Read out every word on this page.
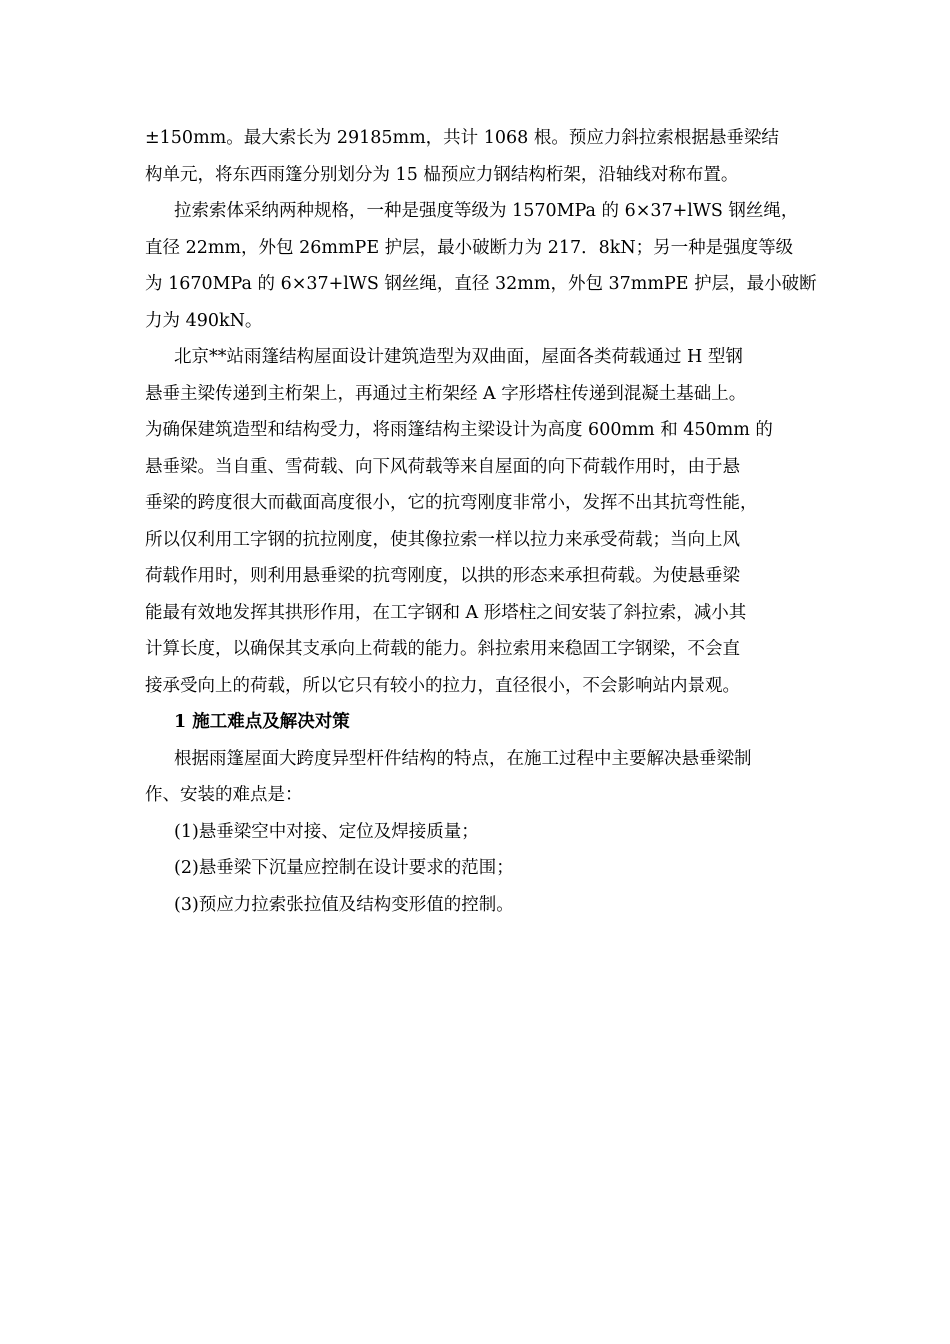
±150mm。最大索长为 29185mm，共计 1068 根。预应力斜拉索根据悬垂梁结
构单元，将东西雨篷分别划分为 15 榀预应力钢结构桁架，沿轴线对称布置。
拉索索体采纳两种规格，一种是强度等级为 1570MPa 的 6×37+lWS 钢丝绳，
直径 22mm，外包 26mmPE 护层，最小破断力为 217．8kN；另一种是强度等级
为 1670MPa 的 6×37+lWS 钢丝绳，直径 32mm，外包 37mmPE 护层，最小破断
力为 490kN。
北京**站雨篷结构屋面设计建筑造型为双曲面，屋面各类荷载通过 H 型钢
悬垂主梁传递到主桁架上，再通过主桁架经 A 字形塔柱传递到混凝土基础上。
为确保建筑造型和结构受力，将雨篷结构主梁设计为高度 600mm 和 450mm 的
悬垂梁。当自重、雪荷载、向下风荷载等来自屋面的向下荷载作用时，由于悬
垂梁的跨度很大而截面高度很小，它的抗弯刚度非常小，发挥不出其抗弯性能，
所以仅利用工字钢的抗拉刚度，使其像拉索一样以拉力来承受荷载；当向上风
荷载作用时，则利用悬垂梁的抗弯刚度，以拱的形态来承担荷载。为使悬垂梁
能最有效地发挥其拱形作用，在工字钢和 A 形塔柱之间安装了斜拉索，减小其
计算长度，以确保其支承向上荷载的能力。斜拉索用来稳固工字钢梁，不会直
接承受向上的荷载，所以它只有较小的拉力，直径很小，不会影响站内景观。
1 施工难点及解决对策
根据雨篷屋面大跨度异型杆件结构的特点，在施工过程中主要解决悬垂梁制
作、安装的难点是：
(1)悬垂梁空中对接、定位及焊接质量；
(2)悬垂梁下沉量应控制在设计要求的范围；
(3)预应力拉索张拉值及结构变形值的控制。
